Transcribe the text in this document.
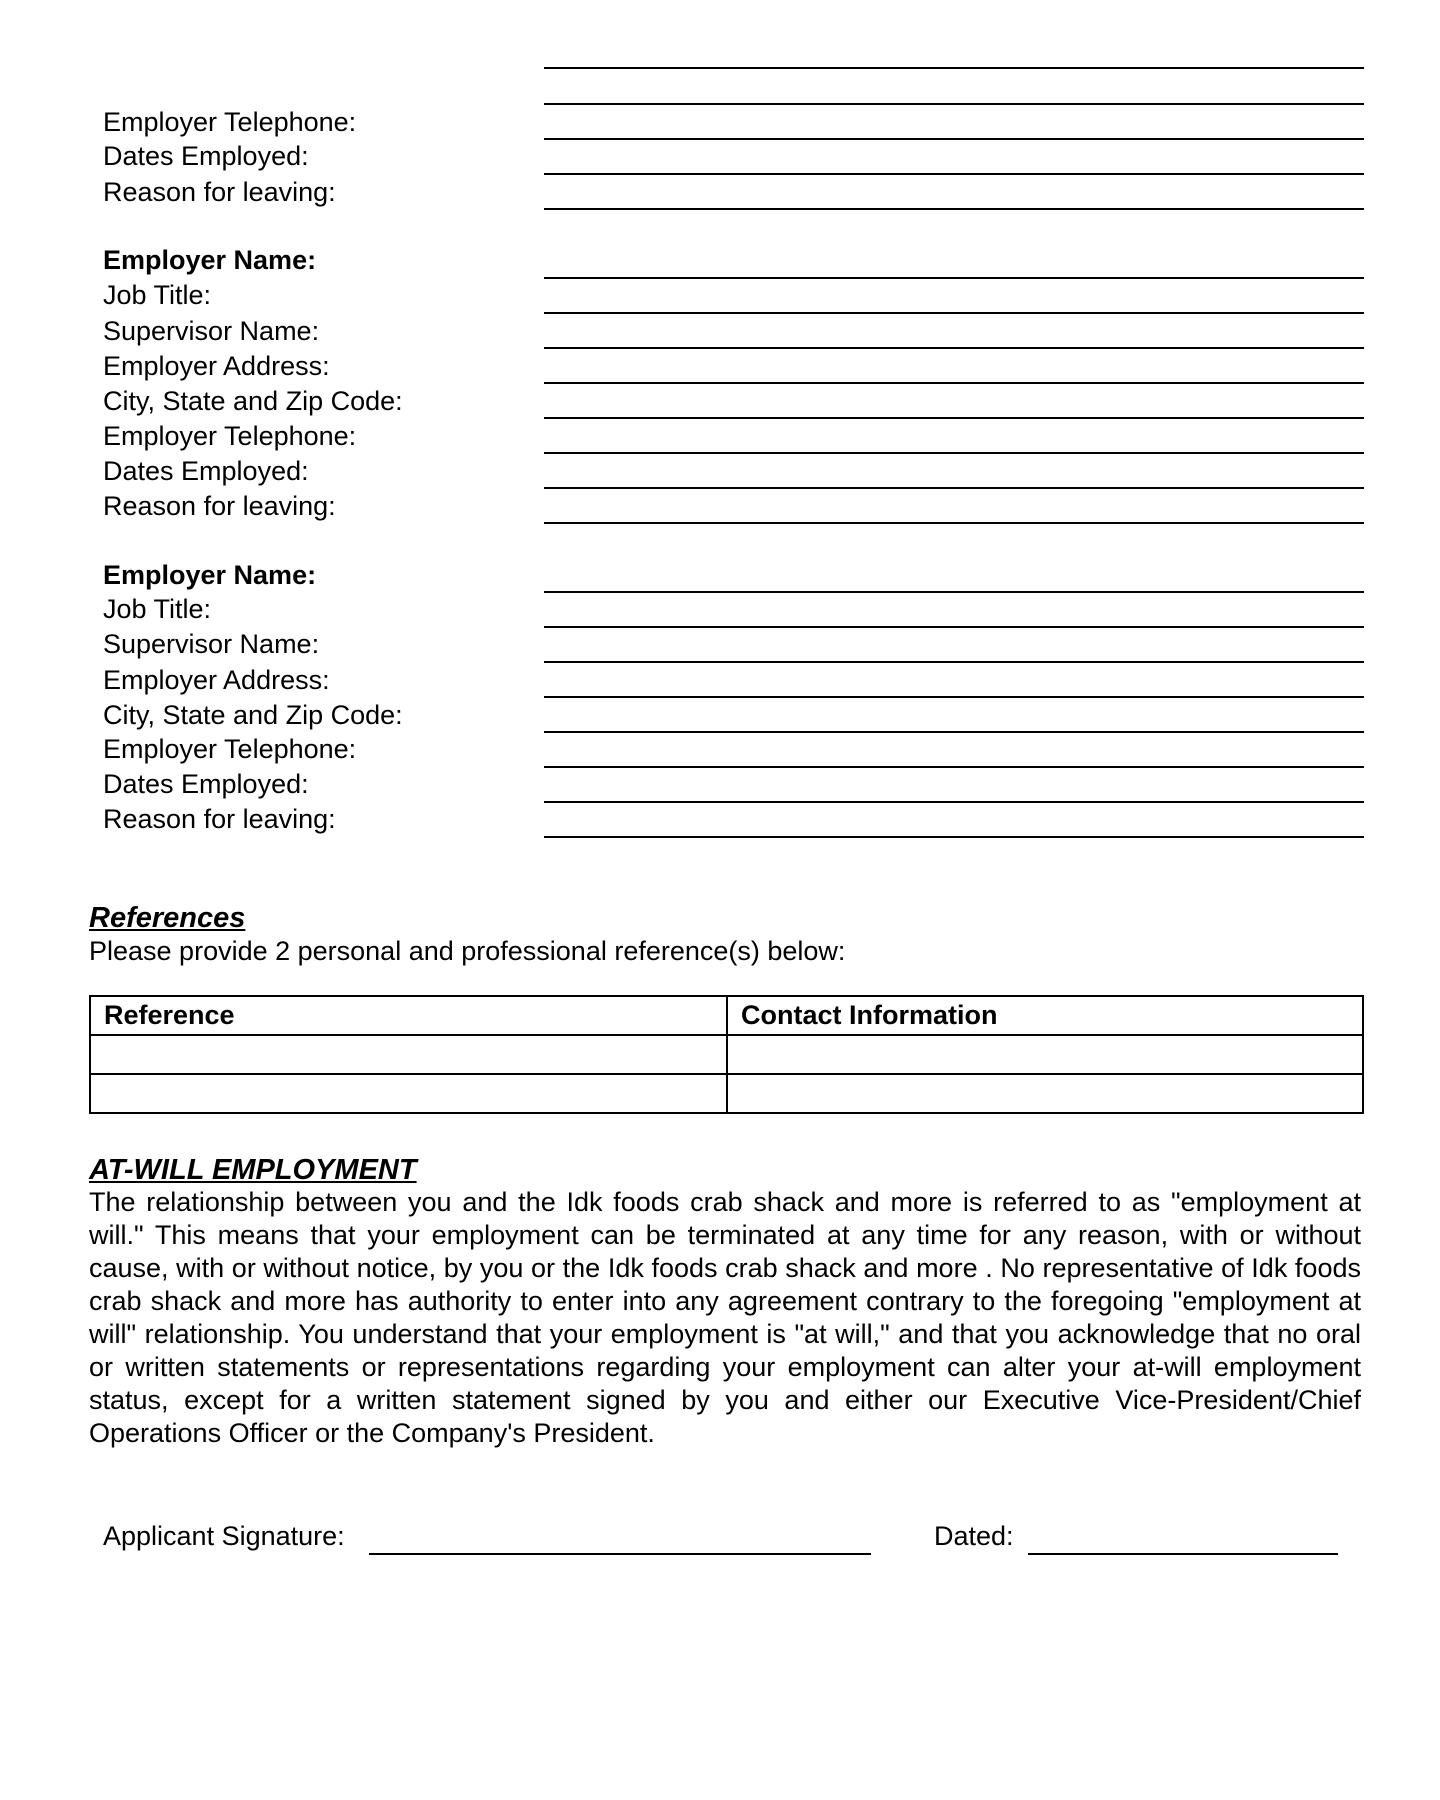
Employer Telephone:
Dates Employed:
Reason for leaving:
Employer Name:
Job Title:
Supervisor Name:
Employer Address:
City, State and Zip Code:
Employer Telephone:
Dates Employed:
Reason for leaving:
Employer Name:
Job Title:
Supervisor Name:
Employer Address:
City, State and Zip Code:
Employer Telephone:
Dates Employed:
Reason for leaving:
References
Please provide 2 personal and professional reference(s) below:
Reference	Contact Information

AT-WILL EMPLOYMENT
The relationship between you and the Idk foods crab shack and more is referred to as "employment at will." This means that your employment can be terminated at any time for any reason, with or without cause, with or without notice, by you or the Idk foods crab shack and more . No representative of Idk foods crab shack and more has authority to enter into any agreement contrary to the foregoing "employment at will" relationship. You understand that your employment is "at will," and that you acknowledge that no oral or written statements or representations regarding your employment can alter your at-will employment status, except for a written statement signed by you and either our Executive Vice-President/Chief Operations Officer or the Company's President.
Applicant Signature:	Dated:
